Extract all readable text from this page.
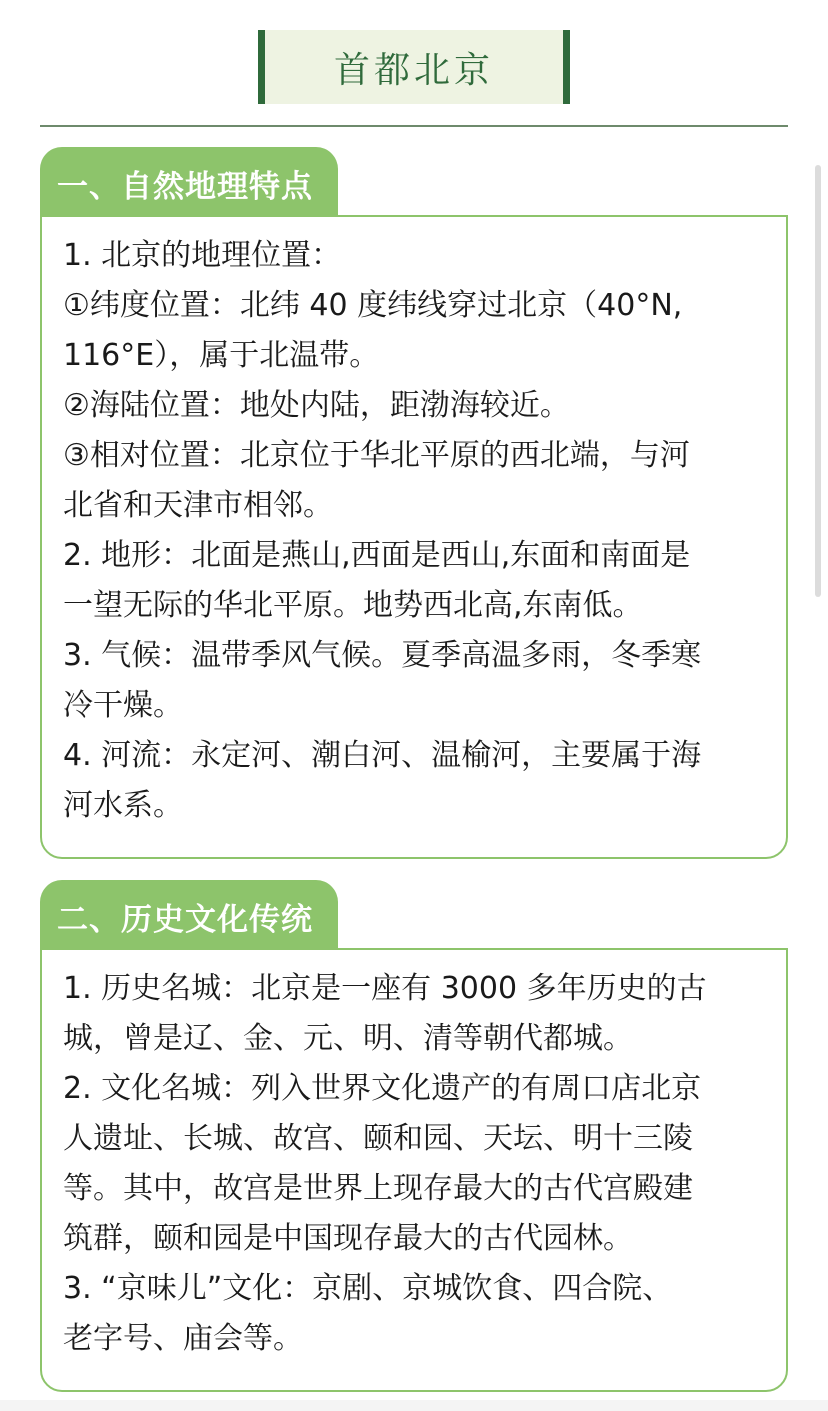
首都北京
一、自然地理特点
1. 北京的地理位置：
①纬度位置：北纬 40 度纬线穿过北京（40°N,
116°E），属于北温带。
②海陆位置：地处内陆，距渤海较近。
③相对位置：北京位于华北平原的西北端，与河
北省和天津市相邻。
2. 地形：北面是燕山,西面是西山,东面和南面是
一望无际的华北平原。地势西北高,东南低。
3. 气候：温带季风气候。夏季高温多雨，冬季寒
冷干燥。
4. 河流：永定河、潮白河、温榆河，主要属于海
河水系。
二、历史文化传统
1. 历史名城：北京是一座有 3000 多年历史的古
城，曾是辽、金、元、明、清等朝代都城。
2. 文化名城：列入世界文化遗产的有周口店北京
人遗址、长城、故宫、颐和园、天坛、明十三陵
等。其中，故宫是世界上现存最大的古代宫殿建
筑群，颐和园是中国现存最大的古代园林。
3. “京味儿”文化：京剧、京城饮食、四合院、
老字号、庙会等。
